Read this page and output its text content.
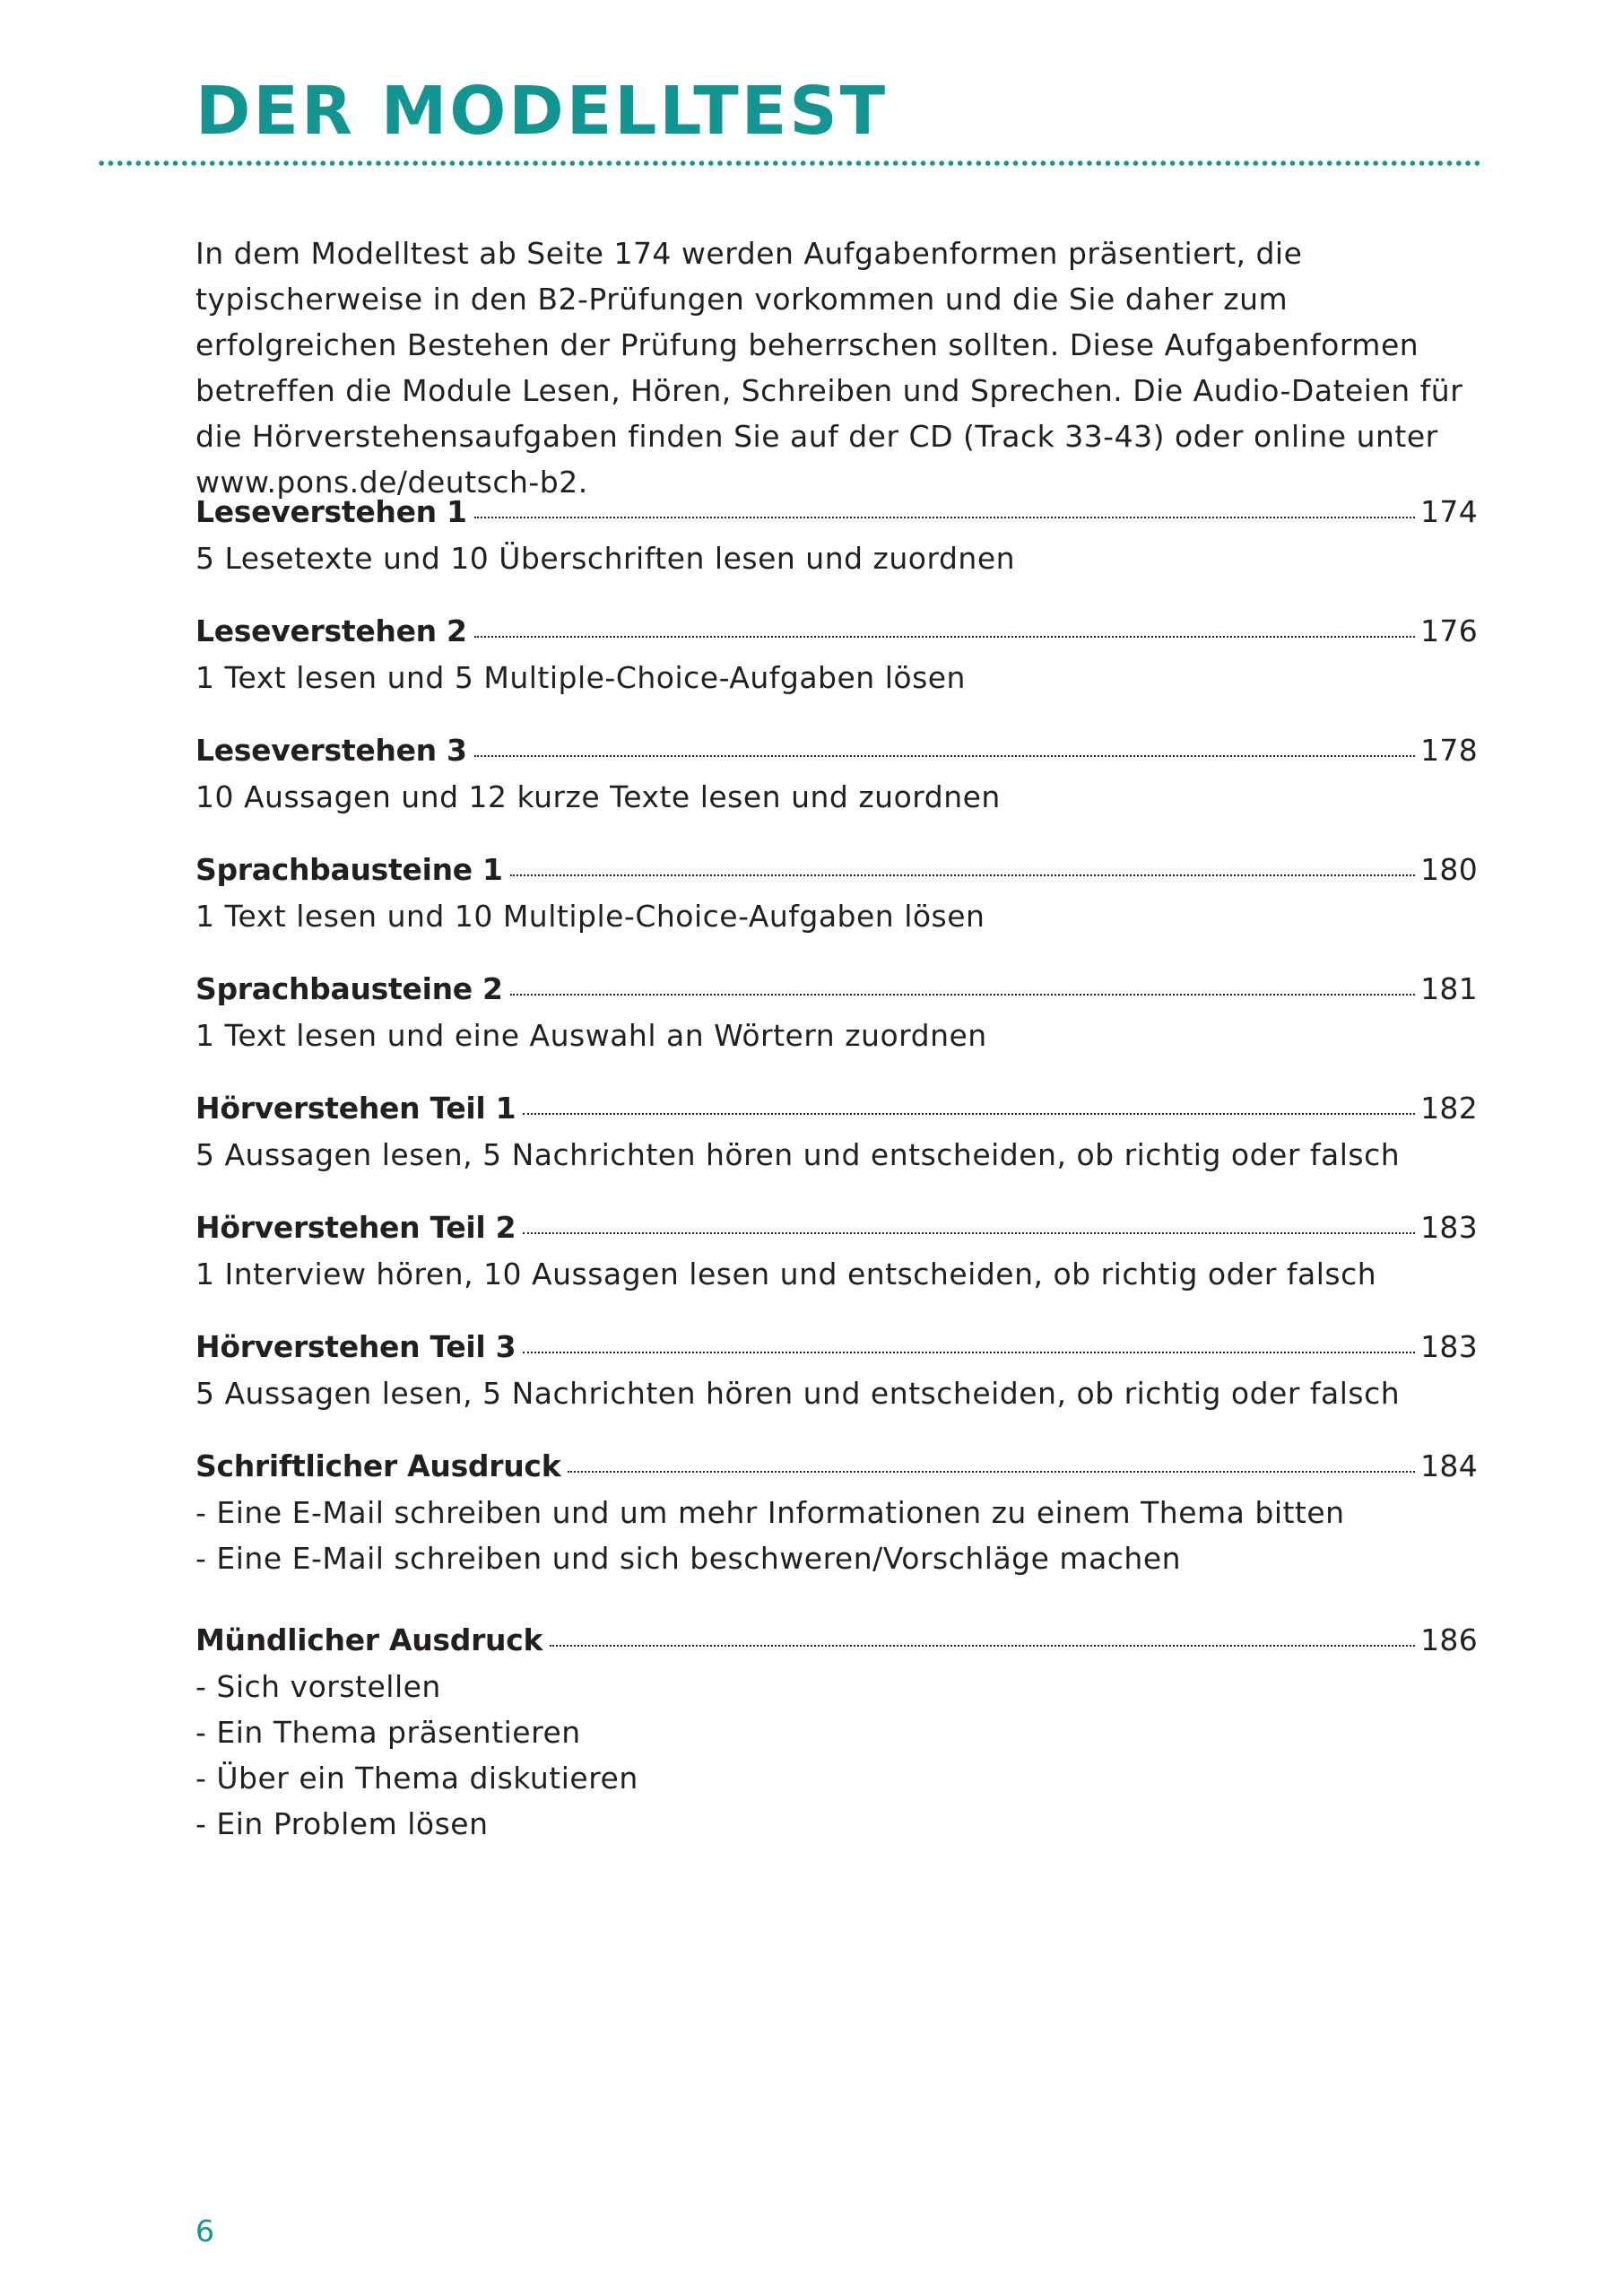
DER MODELLTEST

In dem Modelltest ab Seite 174 werden Aufgabenformen präsentiert, die typischerweise in den B2-Prüfungen vorkommen und die Sie daher zum erfolgreichen Bestehen der Prüfung beherrschen sollten. Diese Aufgabenformen betreffen die Module Lesen, Hören, Schreiben und Sprechen. Die Audio-Dateien für die Hörverstehensaufgaben finden Sie auf der CD (Track 33-43) oder online unter www.pons.de/deutsch-b2.

Leseverstehen 1	174
5 Lesetexte und 10 Überschriften lesen und zuordnen
Leseverstehen 2	176
1 Text lesen und 5 Multiple-Choice-Aufgaben lösen
Leseverstehen 3	178
10 Aussagen und 12 kurze Texte lesen und zuordnen
Sprachbausteine 1	180
1 Text lesen und 10 Multiple-Choice-Aufgaben lösen
Sprachbausteine 2	181
1 Text lesen und eine Auswahl an Wörtern zuordnen
Hörverstehen Teil 1	182
5 Aussagen lesen, 5 Nachrichten hören und entscheiden, ob richtig oder falsch
Hörverstehen Teil 2	183
1 Interview hören, 10 Aussagen lesen und entscheiden, ob richtig oder falsch
Hörverstehen Teil 3	183
5 Aussagen lesen, 5 Nachrichten hören und entscheiden, ob richtig oder falsch
Schriftlicher Ausdruck	184
- Eine E-Mail schreiben und um mehr Informationen zu einem Thema bitten
- Eine E-Mail schreiben und sich beschweren/Vorschläge machen
Mündlicher Ausdruck	186
- Sich vorstellen
- Ein Thema präsentieren
- Über ein Thema diskutieren
- Ein Problem lösen
6
